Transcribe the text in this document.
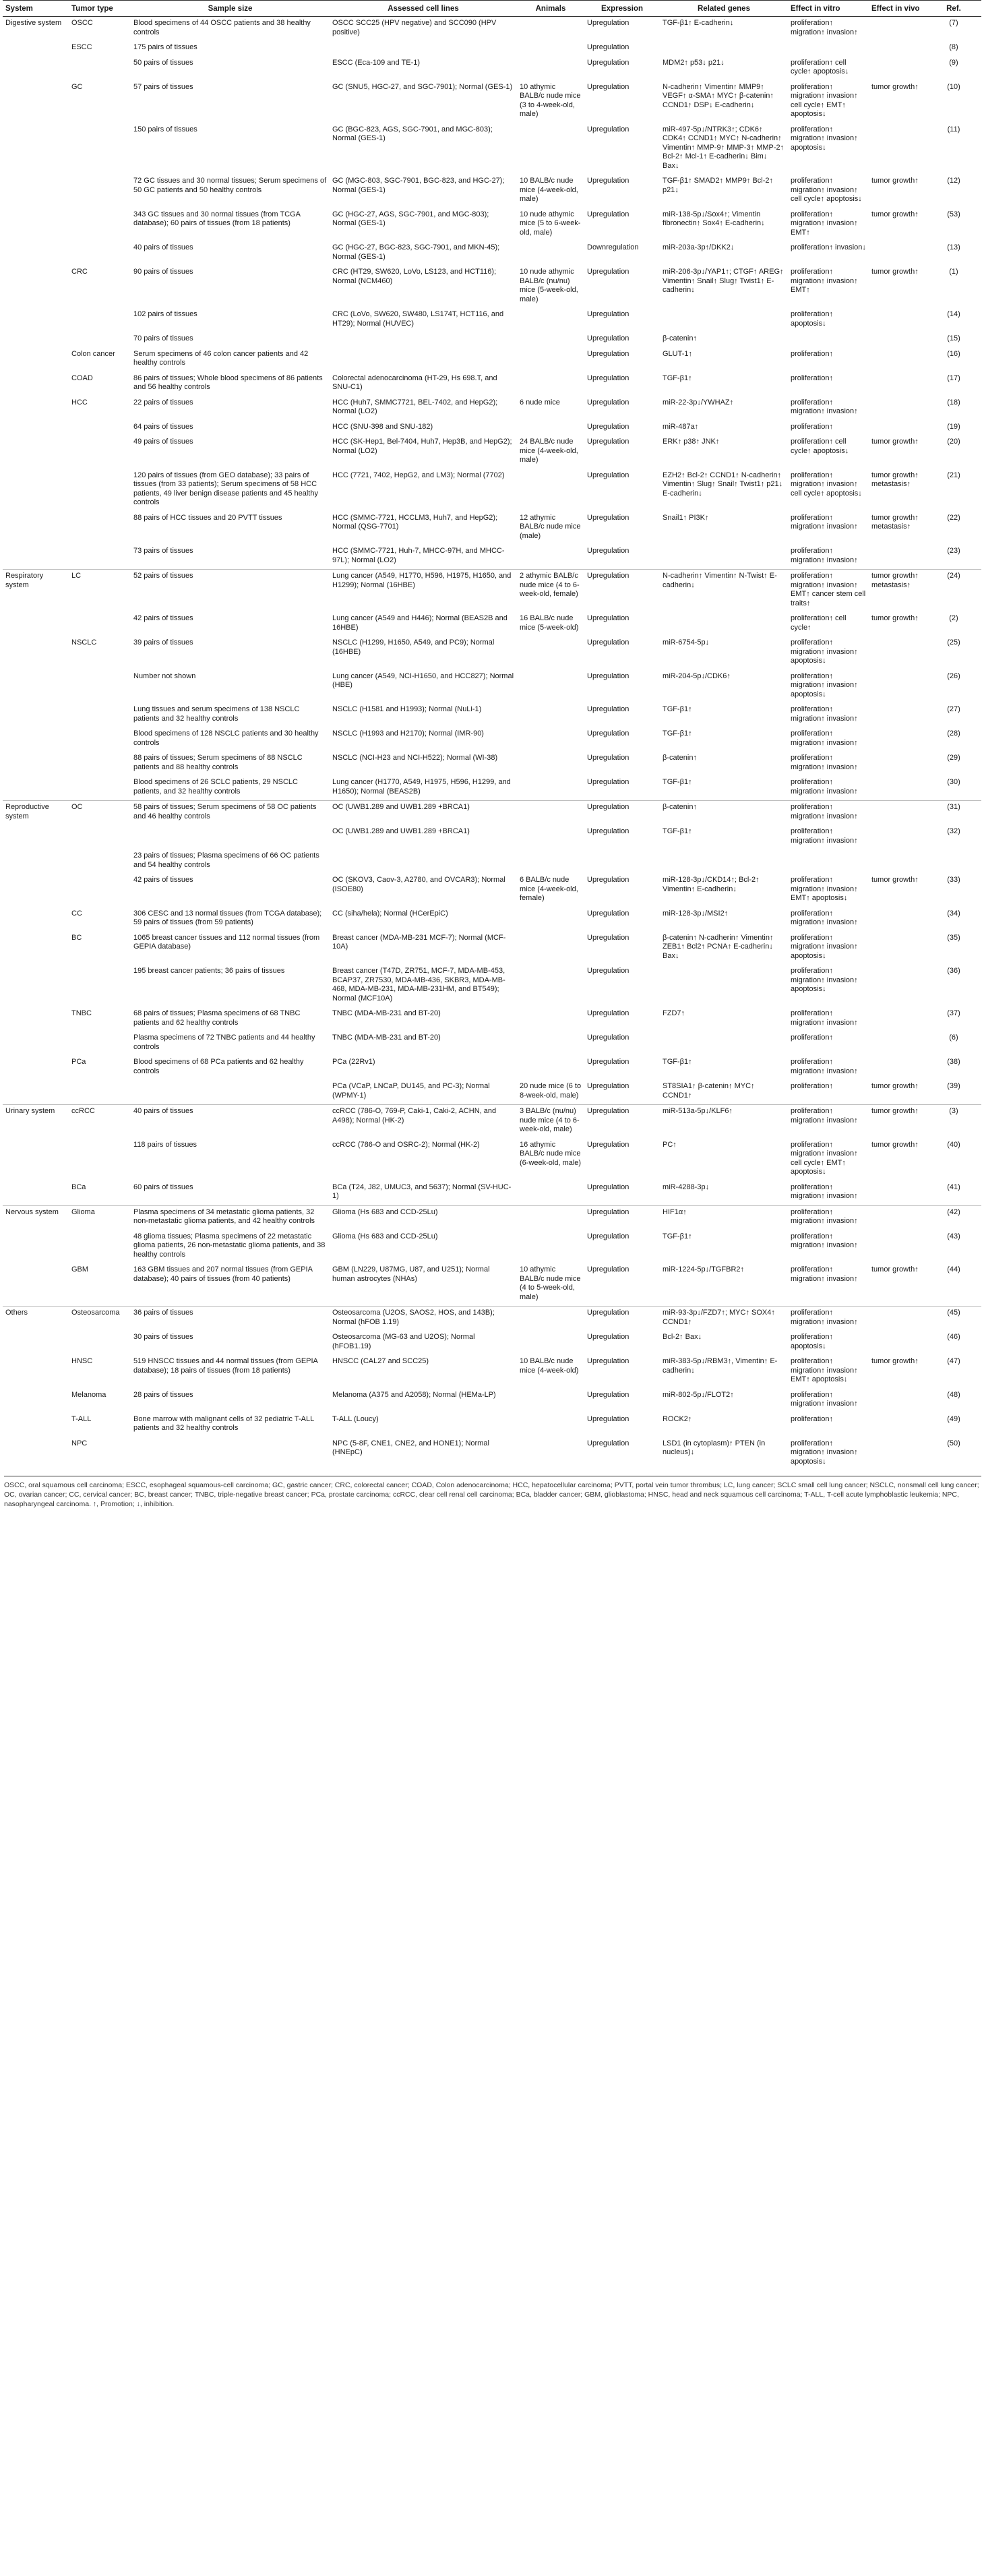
System	Tumor type	Sample size	Assessed cell lines	Animals	Expression	Related genes	Effect in vitro	Effect in vivo	Ref.
Digestive system	OSCC	Blood specimens of 44 OSCC patients and 38 healthy controls	OSCC SCC25 (HPV negative) and SCC090 (HPV positive)		Upregulation	TGF-β1↑ E-cadherin↓	proliferation↑ migration↑ invasion↑		(7)
	ESCC	175 pairs of tissues			Upregulation				(8)
		50 pairs of tissues	ESCC (Eca-109 and TE-1)		Upregulation	MDM2↑ p53↓ p21↓	proliferation↑ cell cycle↑ apoptosis↓		(9)
	GC	57 pairs of tissues	GC (SNU5, HGC-27, and SGC-7901); Normal (GES-1)	10 athymic BALB/c nude mice (3 to 4-week-old, male)	Upregulation	N-cadherin↑ Vimentin↑ MMP9↑ VEGF↑ α-SMA↑ MYC↑ β-catenin↑ CCND1↑ DSP↓ E-cadherin↓	proliferation↑ migration↑ invasion↑ cell cycle↑ EMT↑ apoptosis↓	tumor growth↑	(10)
		150 pairs of tissues	GC (BGC-823, AGS, SGC-7901, and MGC-803); Normal (GES-1)		Upregulation	miR-497-5p↓/NTRK3↑; CDK6↑ CDK4↑ CCND1↑ MYC↑ N-cadherin↑ Vimentin↑ MMP-9↑ MMP-3↑ MMP-2↑ Bcl-2↑ Mcl-1↑ E-cadherin↓ Bim↓ Bax↓	proliferation↑ migration↑ invasion↑ apoptosis↓		(11)
		72 GC tissues and 30 normal tissues; Serum specimens of 50 GC patients and 50 healthy controls	GC (MGC-803, SGC-7901, BGC-823, and HGC-27); Normal (GES-1)	10 BALB/c nude mice (4-week-old, male)	Upregulation	TGF-β1↑ SMAD2↑ MMP9↑ Bcl-2↑ p21↓	proliferation↑ migration↑ invasion↑ cell cycle↑ apoptosis↓	tumor growth↑	(12)
		343 GC tissues and 30 normal tissues (from TCGA database); 60 pairs of tissues (from 18 patients)	GC (HGC-27, AGS, SGC-7901, and MGC-803); Normal (GES-1)	10 nude athymic mice (5 to 6-week-old, male)	Upregulation	miR-138-5p↓/Sox4↑; Vimentin fibronectin↑ Sox4↑ E-cadherin↓	proliferation↑ migration↑ invasion↑ EMT↑	tumor growth↑	(53)
		40 pairs of tissues	GC (HGC-27, BGC-823, SGC-7901, and MKN-45); Normal (GES-1)		Downregulation	miR-203a-3p↑/DKK2↓	proliferation↑ invasion↓		(13)
	CRC	90 pairs of tissues	CRC (HT29, SW620, LoVo, LS123, and HCT116); Normal (NCM460)	10 nude athymic BALB/c (nu/nu) mice (5-week-old, male)	Upregulation	miR-206-3p↓/YAP1↑; CTGF↑ AREG↑ Vimentin↑ Snail↑ Slug↑ Twist1↑ E-cadherin↓	proliferation↑ migration↑ invasion↑ EMT↑	tumor growth↑	(1)
		102 pairs of tissues	CRC (LoVo, SW620, SW480, LS174T, HCT116, and HT29); Normal (HUVEC)		Upregulation		proliferation↑ apoptosis↓		(14)
		70 pairs of tissues			Upregulation	β-catenin↑			(15)
	Colon cancer	Serum specimens of 46 colon cancer patients and 42 healthy controls			Upregulation	GLUT-1↑	proliferation↑		(16)
	COAD	86 pairs of tissues; Whole blood specimens of 86 patients and 56 healthy controls	Colorectal adenocarcinoma (HT-29, Hs 698.T, and SNU-C1)		Upregulation	TGF-β1↑	proliferation↑		(17)
	HCC	22 pairs of tissues	HCC (Huh7, SMMC7721, BEL-7402, and HepG2); Normal (LO2)	6 nude mice	Upregulation	miR-22-3p↓/YWHAZ↑	proliferation↑ migration↑ invasion↑		(18)
		64 pairs of tissues	HCC (SNU-398 and SNU-182)		Upregulation	miR-487a↑	proliferation↑		(19)
		49 pairs of tissues	HCC (SK-Hep1, Bel-7404, Huh7, Hep3B, and HepG2); Normal (LO2)	24 BALB/c nude mice (4-week-old, male)	Upregulation	ERK↑ p38↑ JNK↑	proliferation↑ cell cycle↑ apoptosis↓	tumor growth↑	(20)
		120 pairs of tissues (from GEO database); 33 pairs of tissues (from 33 patients); Serum specimens of 58 HCC patients, 49 liver benign disease patients and 45 healthy controls	HCC (7721, 7402, HepG2, and LM3); Normal (7702)		Upregulation	EZH2↑ Bcl-2↑ CCND1↑ N-cadherin↑ Vimentin↑ Slug↑ Snail↑ Twist1↑ p21↓ E-cadherin↓	proliferation↑ migration↑ invasion↑ cell cycle↑ apoptosis↓	tumor growth↑ metastasis↑	(21)
		88 pairs of HCC tissues and 20 PVTT tissues	HCC (SMMC-7721, HCCLM3, Huh7, and HepG2); Normal (QSG-7701)	12 athymic BALB/c nude mice (male)	Upregulation	Snail1↑ PI3K↑	proliferation↑ migration↑ invasion↑	tumor growth↑ metastasis↑	(22)
		73 pairs of tissues	HCC (SMMC-7721, Huh-7, MHCC-97H, and MHCC-97L); Normal (LO2)		Upregulation		proliferation↑ migration↑ invasion↑		(23)
Respiratory system	LC	52 pairs of tissues	Lung cancer (A549, H1770, H596, H1975, H1650, and H1299); Normal (16HBE)	2 athymic BALB/c nude mice (4 to 6-week-old, female)	Upregulation	N-cadherin↑ Vimentin↑ N-Twist↑ E-cadherin↓	proliferation↑ migration↑ invasion↑ EMT↑ cancer stem cell traits↑	tumor growth↑ metastasis↑	(24)
		42 pairs of tissues	Lung cancer (A549 and H446); Normal (BEAS2B and 16HBE)	16 BALB/c nude mice (5-week-old)	Upregulation		proliferation↑ cell cycle↑	tumor growth↑	(2)
	NSCLC	39 pairs of tissues	NSCLC (H1299, H1650, A549, and PC9); Normal (16HBE)		Upregulation	miR-6754-5p↓	proliferation↑ migration↑ invasion↑ apoptosis↓		(25)
		Number not shown	Lung cancer (A549, NCI-H1650, and HCC827); Normal (HBE)		Upregulation	miR-204-5p↓/CDK6↑	proliferation↑ migration↑ invasion↑ apoptosis↓		(26)
		Lung tissues and serum specimens of 138 NSCLC patients and 32 healthy controls	NSCLC (H1581 and H1993); Normal (NuLi-1)		Upregulation	TGF-β1↑	proliferation↑ migration↑ invasion↑		(27)
		Blood specimens of 128 NSCLC patients and 30 healthy controls	NSCLC (H1993 and H2170); Normal (IMR-90)		Upregulation	TGF-β1↑	proliferation↑ migration↑ invasion↑		(28)
		88 pairs of tissues; Serum specimens of 88 NSCLC patients and 88 healthy controls	NSCLC (NCI-H23 and NCI-H522); Normal (WI-38)		Upregulation	β-catenin↑	proliferation↑ migration↑ invasion↑		(29)
		Blood specimens of 26 SCLC patients, 29 NSCLC patients, and 32 healthy controls	Lung cancer (H1770, A549, H1975, H596, H1299, and H1650); Normal (BEAS2B)		Upregulation	TGF-β1↑	proliferation↑ migration↑ invasion↑		(30)
Reproductive system	OC	58 pairs of tissues; Serum specimens of 58 OC patients and 46 healthy controls	OC (UWB1.289 and UWB1.289 +BRCA1)		Upregulation	β-catenin↑	proliferation↑ migration↑ invasion↑		(31)
			OC (UWB1.289 and UWB1.289 +BRCA1)		Upregulation	TGF-β1↑	proliferation↑ migration↑ invasion↑		(32)
		23 pairs of tissues; Plasma specimens of 66 OC patients and 54 healthy controls							
		42 pairs of tissues	OC (SKOV3, Caov-3, A2780, and OVCAR3); Normal (ISOE80)	6 BALB/c nude mice (4-week-old, female)	Upregulation	miR-128-3p↓/CKD14↑; Bcl-2↑ Vimentin↑ E-cadherin↓	proliferation↑ migration↑ invasion↑ EMT↑ apoptosis↓	tumor growth↑	(33)
	CC	306 CESC and 13 normal tissues (from TCGA database); 59 pairs of tissues (from 59 patients)	CC (siha/hela); Normal (HCerEpiC)		Upregulation	miR-128-3p↓/MSI2↑	proliferation↑ migration↑ invasion↑		(34)
	BC	1065 breast cancer tissues and 112 normal tissues (from GEPIA database)	Breast cancer (MDA-MB-231 MCF-7); Normal (MCF-10A)		Upregulation	β-catenin↑ N-cadherin↑ Vimentin↑ ZEB1↑ Bcl2↑ PCNA↑ E-cadherin↓ Bax↓	proliferation↑ migration↑ invasion↑ apoptosis↓		(35)
		195 breast cancer patients; 36 pairs of tissues	Breast cancer (T47D, ZR751, MCF-7, MDA-MB-453, BCAP37, ZR7530, MDA-MB-436, SKBR3, MDA-MB-468, MDA-MB-231, MDA-MB-231HM, and BT549); Normal (MCF10A)		Upregulation		proliferation↑ migration↑ invasion↑ apoptosis↓		(36)
	TNBC	68 pairs of tissues; Plasma specimens of 68 TNBC patients and 62 healthy controls	TNBC (MDA-MB-231 and BT-20)		Upregulation	FZD7↑	proliferation↑ migration↑ invasion↑		(37)
		Plasma specimens of 72 TNBC patients and 44 healthy controls	TNBC (MDA-MB-231 and BT-20)		Upregulation		proliferation↑		(6)
	PCa	Blood specimens of 68 PCa patients and 62 healthy controls	PCa (22Rv1)		Upregulation	TGF-β1↑	proliferation↑ migration↑ invasion↑		(38)
			PCa (VCaP, LNCaP, DU145, and PC-3); Normal (WPMY-1)	20 nude mice (6 to 8-week-old, male)	Upregulation	ST8SIA1↑ β-catenin↑ MYC↑ CCND1↑	proliferation↑	tumor growth↑	(39)
Urinary system	ccRCC	40 pairs of tissues	ccRCC (786-O, 769-P, Caki-1, Caki-2, ACHN, and A498); Normal (HK-2)	3 BALB/c (nu/nu) nude mice (4 to 6-week-old, male)	Upregulation	miR-513a-5p↓/KLF6↑	proliferation↑ migration↑ invasion↑	tumor growth↑	(3)
		118 pairs of tissues	ccRCC (786-O and OSRC-2); Normal (HK-2)	16 athymic BALB/c nude mice (6-week-old, male)	Upregulation	PC↑	proliferation↑ migration↑ invasion↑ cell cycle↑ EMT↑ apoptosis↓	tumor growth↑	(40)
	BCa	60 pairs of tissues	BCa (T24, J82, UMUC3, and 5637); Normal (SV-HUC-1)		Upregulation	miR-4288-3p↓	proliferation↑ migration↑ invasion↑		(41)
Nervous system	Glioma	Plasma specimens of 34 metastatic glioma patients, 32 non-metastatic glioma patients, and 42 healthy controls	Glioma (Hs 683 and CCD-25Lu)		Upregulation	HIF1α↑	proliferation↑ migration↑ invasion↑		(42)
		48 glioma tissues; Plasma specimens of 22 metastatic glioma patients, 26 non-metastatic glioma patients, and 38 healthy controls	Glioma (Hs 683 and CCD-25Lu)		Upregulation	TGF-β1↑	proliferation↑ migration↑ invasion↑		(43)
	GBM	163 GBM tissues and 207 normal tissues (from GEPIA database); 40 pairs of tissues (from 40 patients)	GBM (LN229, U87MG, U87, and U251); Normal human astrocytes (NHAs)	10 athymic BALB/c nude mice (4 to 5-week-old, male)	Upregulation	miR-1224-5p↓/TGFBR2↑	proliferation↑ migration↑ invasion↑	tumor growth↑	(44)
Others	Osteosarcoma	36 pairs of tissues	Osteosarcoma (U2OS, SAOS2, HOS, and 143B); Normal (hFOB 1.19)		Upregulation	miR-93-3p↓/FZD7↑; MYC↑ SOX4↑ CCND1↑	proliferation↑ migration↑ invasion↑		(45)
		30 pairs of tissues	Osteosarcoma (MG-63 and U2OS); Normal (hFOB1.19)		Upregulation	Bcl-2↑ Bax↓	proliferation↑ apoptosis↓		(46)
	HNSC	519 HNSCC tissues and 44 normal tissues (from GEPIA database); 18 pairs of tissues (from 18 patients)	HNSCC (CAL27 and SCC25)	10 BALB/c nude mice (4-week-old)	Upregulation	miR-383-5p↓/RBM3↑, Vimentin↑ E-cadherin↓	proliferation↑ migration↑ invasion↑ EMT↑ apoptosis↓	tumor growth↑	(47)
	Melanoma	28 pairs of tissues	Melanoma (A375 and A2058); Normal (HEMa-LP)		Upregulation	miR-802-5p↓/FLOT2↑	proliferation↑ migration↑ invasion↑		(48)
	T-ALL	Bone marrow with malignant cells of 32 pediatric T-ALL patients and 32 healthy controls	T-ALL (Loucy)		Upregulation	ROCK2↑	proliferation↑		(49)
	NPC		NPC (5-8F, CNE1, CNE2, and HONE1); Normal (HNEpC)		Upregulation	LSD1 (in cytoplasm)↑ PTEN (in nucleus)↓	proliferation↑ migration↑ invasion↑ apoptosis↓		(50)
OSCC, oral squamous cell carcinoma; ESCC, esophageal squamous-cell carcinoma; GC, gastric cancer; CRC, colorectal cancer; COAD, Colon adenocarcinoma; HCC, hepatocellular carcinoma; PVTT, portal vein tumor thrombus; LC, lung cancer; SCLC small cell lung cancer; NSCLC, nonsmall cell lung cancer; OC, ovarian cancer; CC, cervical cancer; BC, breast cancer; TNBC, triple-negative breast cancer; PCa, prostate carcinoma; ccRCC, clear cell renal cell carcinoma; BCa, bladder cancer; GBM, glioblastoma; HNSC, head and neck squamous cell carcinoma; T-ALL, T-cell acute lymphoblastic leukemia; NPC, nasopharyngeal carcinoma. ↑, Promotion; ↓, inhibition.
